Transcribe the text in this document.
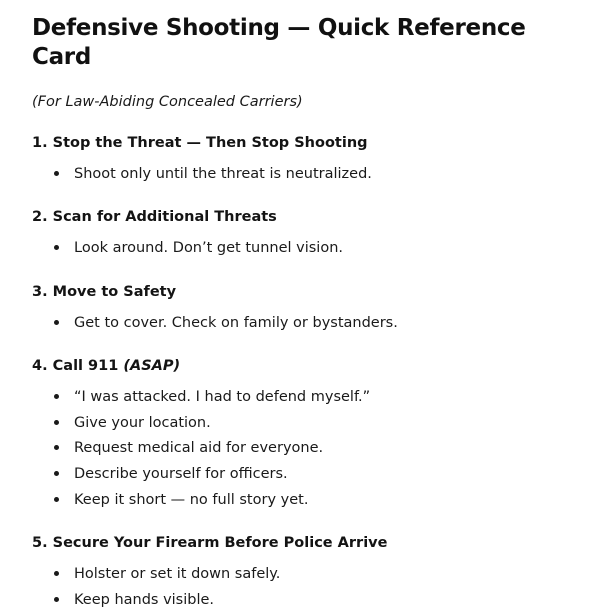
Defensive Shooting — Quick Reference Card

(For Law-Abiding Concealed Carriers)

1. Stop the Threat — Then Stop Shooting
Shoot only until the threat is neutralized.
2. Scan for Additional Threats
Look around. Don’t get tunnel vision.
3. Move to Safety
Get to cover. Check on family or bystanders.
4. Call 911 (ASAP)
“I was attacked. I had to defend myself.”
Give your location.
Request medical aid for everyone.
Describe yourself for officers.
Keep it short — no full story yet.
5. Secure Your Firearm Before Police Arrive
Holster or set it down safely.
Keep hands visible.
